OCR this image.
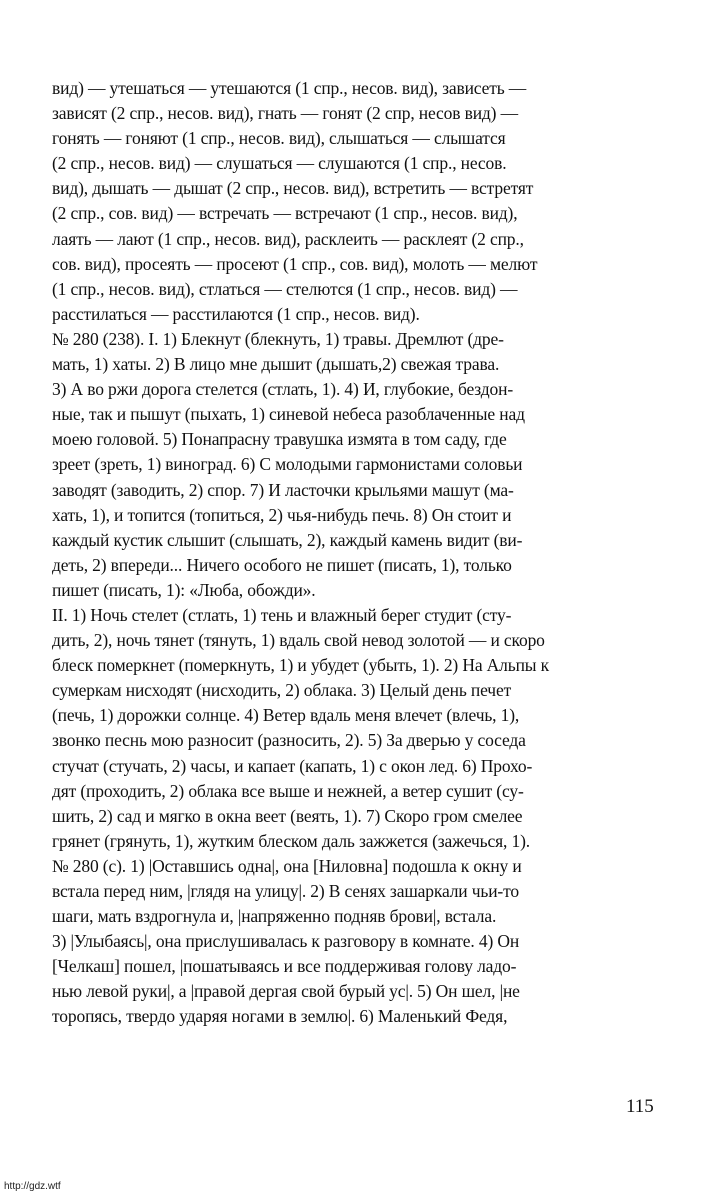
вид) — утешаться — утешаются (1 спр., несов. вид), зависеть —
зависят (2 спр., несов. вид), гнать — гонят (2 спр, несов вид) —
гонять — гоняют (1 спр., несов. вид), слышаться — слышатся
(2 спр., несов. вид) — слушаться — слушаются (1 спр., несов.
вид), дышать — дышат (2 спр., несов. вид), встретить — встретят
(2 спр., сов. вид) — встречать — встречают (1 спр., несов. вид),
лаять — лают (1 спр., несов. вид), расклеить — расклеят (2 спр.,
сов. вид), просеять — просеют (1 спр., сов. вид), молоть — мелют
(1 спр., несов. вид), стлаться — стелются (1 спр., несов. вид) —
расстилаться — расстилаются (1 спр., несов. вид).
№ 280 (238). I. 1) Блекнут (блекнуть, 1) травы. Дремлют (дре-
мать, 1) хаты. 2) В лицо мне дышит (дышать,2) свежая трава.
3) А во ржи дорога стелется (стлать, 1). 4) И, глубокие, бездон-
ные, так и пышут (пыхать, 1) синевой небеса разоблаченные над
моею головой. 5) Понапрасну травушка измята в том саду, где
зреет (зреть, 1) виноград. 6) С молодыми гармонистами соловьи
заводят (заводить, 2) спор. 7) И ласточки крыльями машут (ма-
хать, 1), и топится (топиться, 2) чья-нибудь печь. 8) Он стоит и
каждый кустик слышит (слышать, 2), каждый камень видит (ви-
деть, 2) впереди... Ничего особого не пишет (писать, 1), только
пишет (писать, 1): «Люба, обожди».
II. 1) Ночь стелет (стлать, 1) тень и влажный берег студит (сту-
дить, 2), ночь тянет (тянуть, 1) вдаль свой невод золотой — и скоро
блеск померкнет (померкнуть, 1) и убудет (убыть, 1). 2) На Альпы к
сумеркам нисходят (нисходить, 2) облака. 3) Целый день печет
(печь, 1) дорожки солнце. 4) Ветер вдаль меня влечет (влечь, 1),
звонко песнь мою разносит (разносить, 2). 5) За дверью у соседа
стучат (стучать, 2) часы, и капает (капать, 1) с окон лед. 6) Прохо-
дят (проходить, 2) облака все выше и нежней, а ветер сушит (су-
шить, 2) сад и мягко в окна веет (веять, 1). 7) Скоро гром смелее
грянет (грянуть, 1), жутким блеском даль зажжется (зажечься, 1).
№ 280 (с). 1) |Оставшись одна|, она [Ниловна] подошла к окну и
встала перед ним, |глядя на улицу|. 2) В сенях зашаркали чьи-то
шаги, мать вздрогнула и, |напряженно подняв брови|, встала.
3) |Улыбаясь|, она прислушивалась к разговору в комнате. 4) Он
[Челкаш] пошел, |пошатываясь и все поддерживая голову ладо-
нью левой руки|, а |правой дергая свой бурый ус|. 5) Он шел, |не
торопясь, твердо ударяя ногами в землю|. 6) Маленький Федя,
115
http://gdz.wtf
